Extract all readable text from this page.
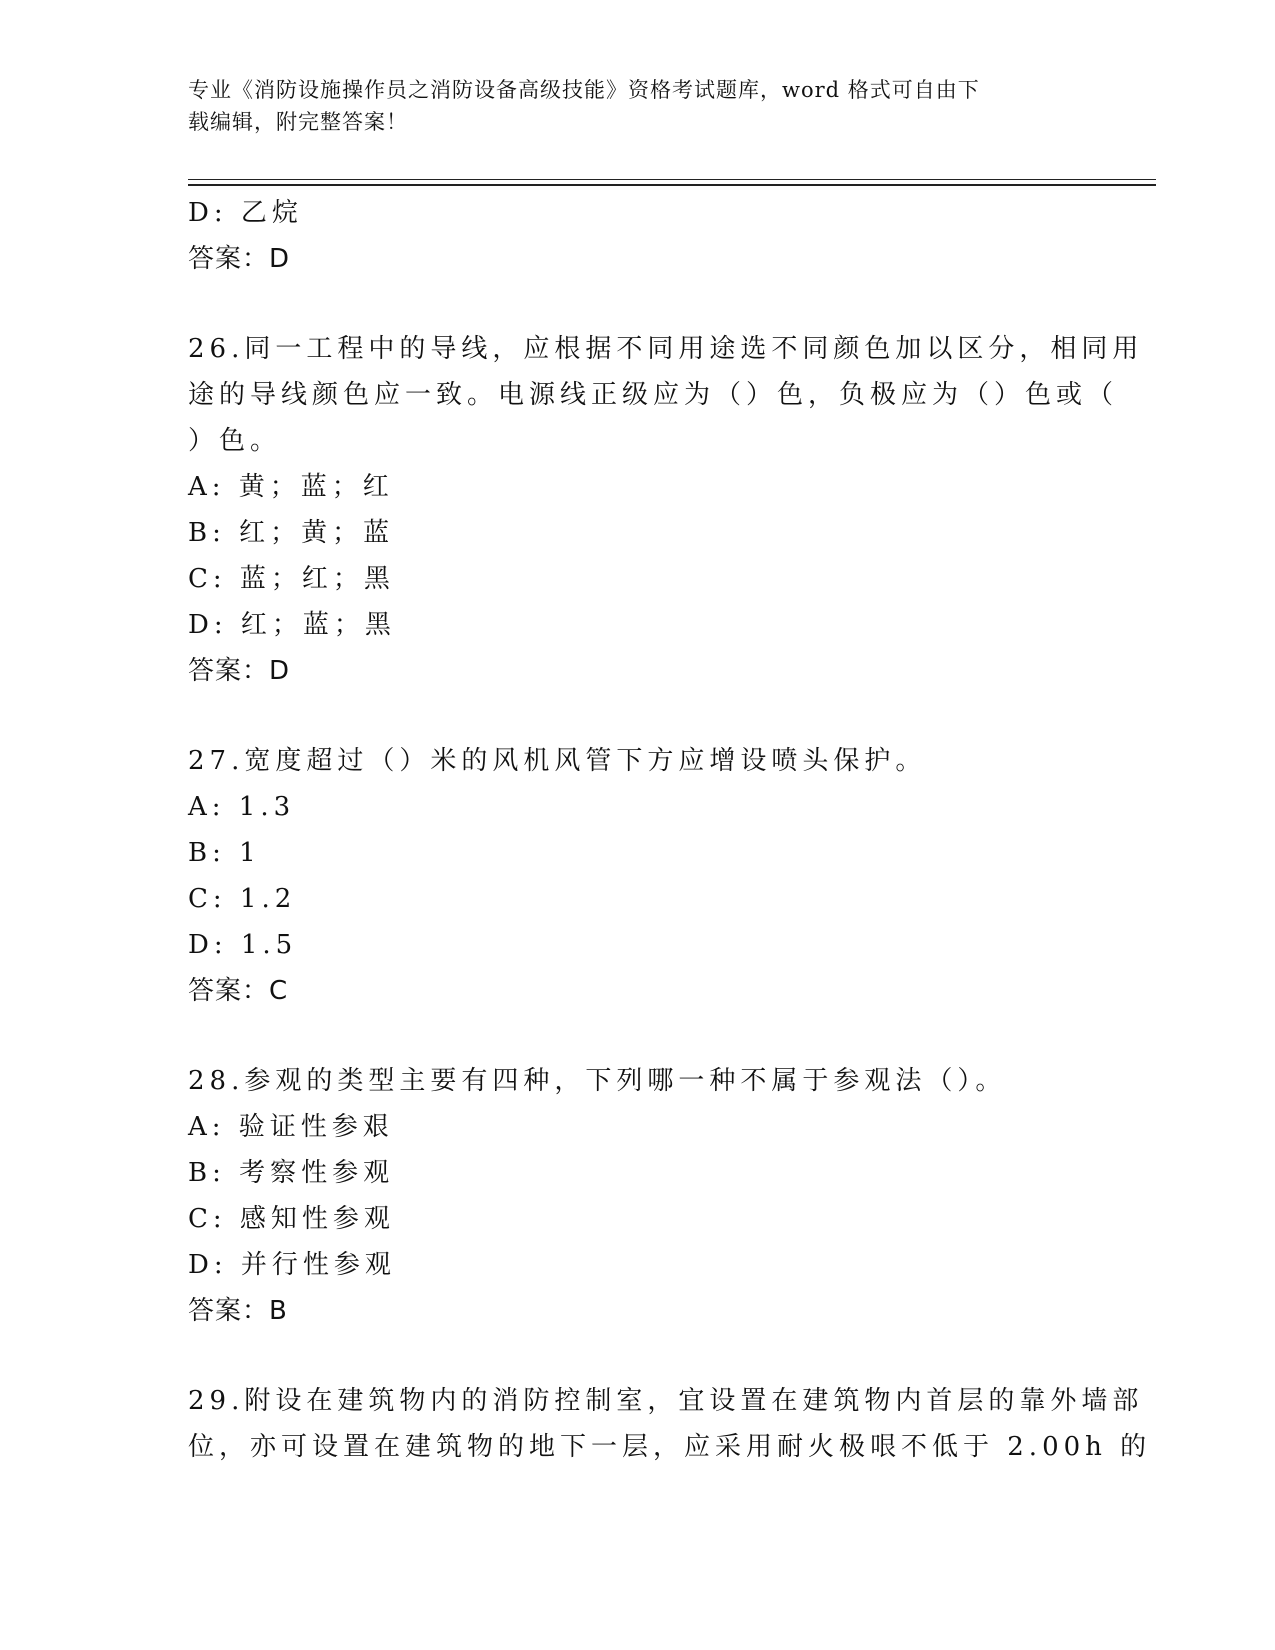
专业《消防设施操作员之消防设备高级技能》资格考试题库，word 格式可自由下
载编辑，附完整答案！
D: 乙烷
答案：D
26.同一工程中的导线，应根据不同用途选不同颜色加以区分，相同用
途的导线颜色应一致。电源线正级应为（）色，负极应为（）色或（
）色。
A: 黄；蓝；红
B: 红；黄；蓝
C: 蓝；红；黑
D: 红；蓝；黑
答案：D
27.宽度超过（）米的风机风管下方应增设喷头保护。
A: 1.3
B: 1
C: 1.2
D: 1.5
答案：C
28.参观的类型主要有四种，下列哪一种不属于参观法（）。
A: 验证性参艰
B: 考察性参观
C: 感知性参观
D: 并行性参观
答案：B
29.附设在建筑物内的消防控制室，宜设置在建筑物内首层的靠外墙部
位，亦可设置在建筑物的地下一层，应采用耐火极哏不低于 2.00h 的
